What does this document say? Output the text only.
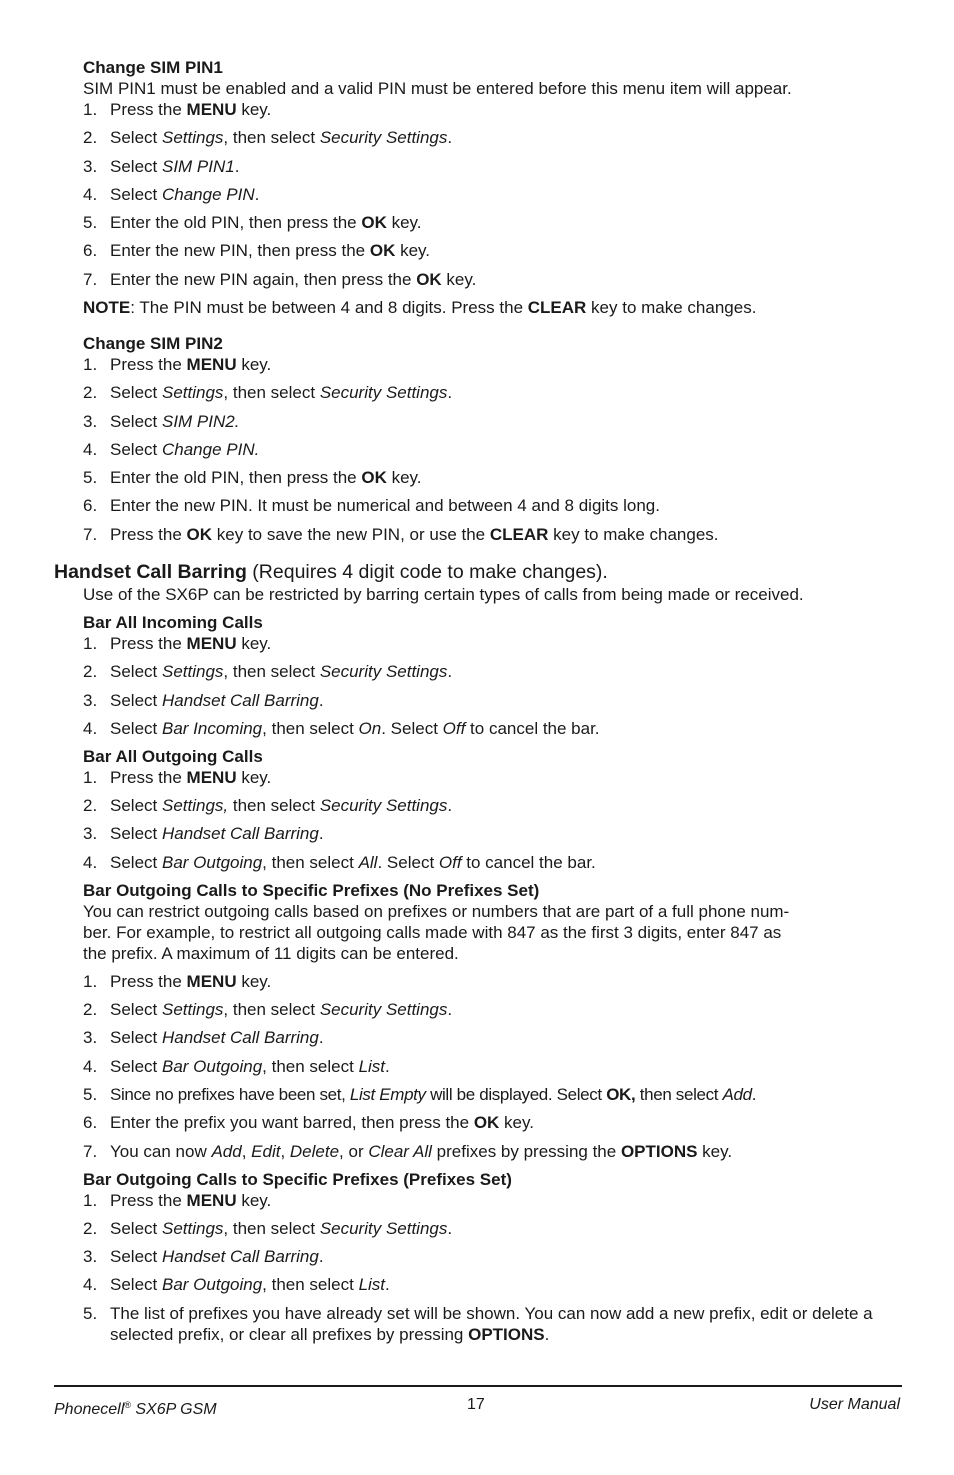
Change SIM PIN1

SIM PIN1 must be enabled and a valid PIN must be entered before this menu item will appear.

1. Press the MENU key.
2. Select Settings, then select Security Settings.
3. Select SIM PIN1.
4. Select Change PIN.
5. Enter the old PIN, then press the OK key.
6. Enter the new PIN, then press the OK key.
7. Enter the new PIN again, then press the OK key.

NOTE: The PIN must be between 4 and 8 digits. Press the CLEAR key to make changes.

Change SIM PIN2

1. Press the MENU key.
2. Select Settings, then select Security Settings.
3. Select SIM PIN2.
4. Select Change PIN.
5. Enter the old PIN, then press the OK key.
6. Enter the new PIN. It must be numerical and between 4 and 8 digits long.
7. Press the OK key to save the new PIN, or use the CLEAR key to make changes.
Handset Call Barring (Requires 4 digit code to make changes).

Use of the SX6P can be restricted by barring certain types of calls from being made or received.

Bar All Incoming Calls

1. Press the MENU key.
2. Select Settings, then select Security Settings.
3. Select Handset Call Barring.
4. Select Bar Incoming, then select On. Select Off to cancel the bar.

Bar All Outgoing Calls

1. Press the MENU key.
2. Select Settings, then select Security Settings.
3. Select Handset Call Barring.
4. Select Bar Outgoing, then select All. Select Off to cancel the bar.

Bar Outgoing Calls to Specific Prefixes (No Prefixes Set)

You can restrict outgoing calls based on prefixes or numbers that are part of a full phone num-

ber. For example, to restrict all outgoing calls made with 847 as the first 3 digits, enter 847 as

the prefix. A maximum of 11 digits can be entered.

1. Press the MENU key.
2. Select Settings, then select Security Settings.
3. Select Handset Call Barring.
4. Select Bar Outgoing, then select List.
5. Since no prefixes have been set, List Empty will be displayed. Select OK, then select Add.
6. Enter the prefix you want barred, then press the OK key.
7. You can now Add, Edit, Delete, or Clear All prefixes by pressing the OPTIONS key.

Bar Outgoing Calls to Specific Prefixes (Prefixes Set)

1. Press the MENU key.
2. Select Settings, then select Security Settings.
3. Select Handset Call Barring.
4. Select Bar Outgoing, then select List.
5. The list of prefixes you have already set will be shown. You can now add a new prefix, edit or delete a selected prefix, or clear all prefixes by pressing OPTIONS.
Phonecell® SX6P GSM	17	User Manual
